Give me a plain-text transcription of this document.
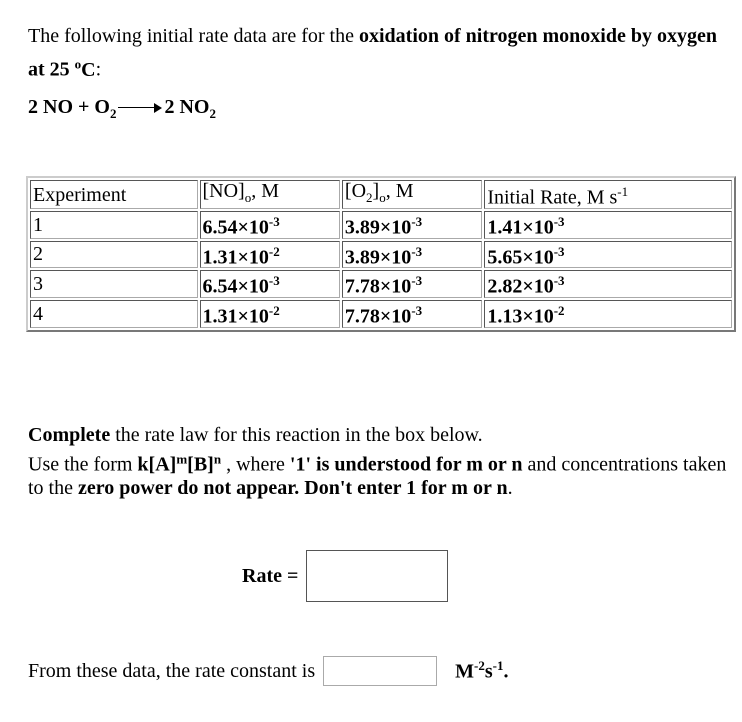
The following initial rate data are for the oxidation of nitrogen monoxide by oxygen at 25 $^o$C:
2 NO + $O_2$ 2 $NO_2$
Experiment	$[NO]_o$, M	$[O_2]_o$, M	Initial Rate, M $s^{-1}$
1	$6.54\times 10^{-3}$	$3.89\times 10^{-3}$	$1.41\times 10^{-3}$
2	$1.31\times 10^{-2}$	$3.89\times 10^{-3}$	$5.65\times 10^{-3}$
3	$6.54\times 10^{-3}$	$7.78\times 10^{-3}$	$2.82\times 10^{-3}$
4	$1.31\times 10^{-2}$	$7.78\times 10^{-3}$	$1.13\times 10^{-2}$
Complete the rate law for this reaction in the box below.
Use the form $k[A]^m[B]^n$ , where '1' is understood for m or n and concentrations taken to the zero power do not appear. Don't enter 1 for m or n.
Rate =
From these data, the rate constant is	$M^{-2}s^{-1}$.
